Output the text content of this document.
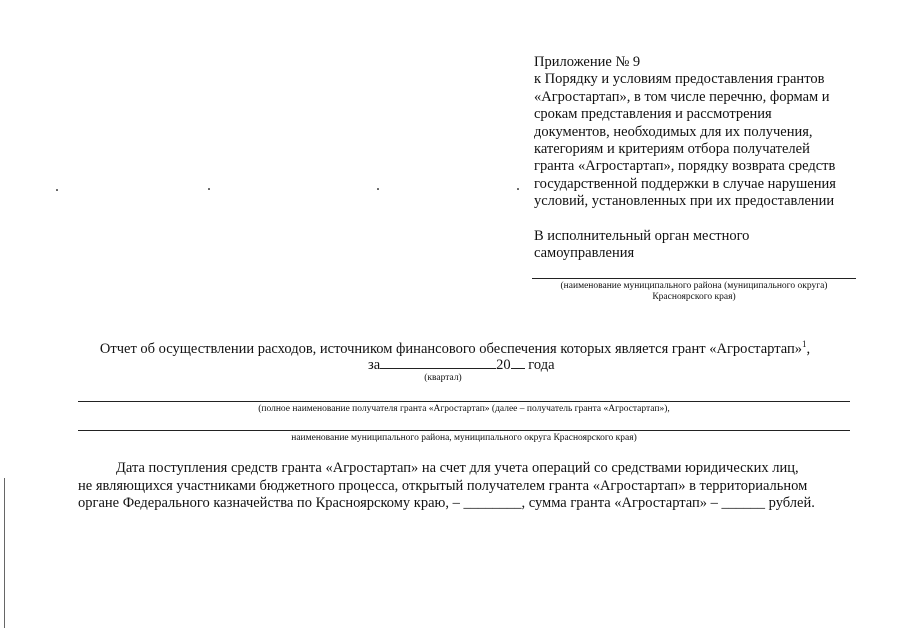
Приложение № 9
к Порядку и условиям предоставления грантов
«Агростартап», в том числе перечню, формам и
срокам представления и рассмотрения
документов, необходимых для их получения,
категориям и критериям отбора получателей
гранта «Агростартап», порядку возврата средств
государственной поддержки в случае нарушения
условий, установленных при их предоставлении
В исполнительный орган местного
самоуправления
(наименование муниципального района (муниципального округа)
Красноярского края)
Отчет об осуществлении расходов, источником финансового обеспечения которых является грант «Агростартап»$^1$,
за	20 года
(квартал)
(полное наименование получателя гранта «Агростартап» (далее – получатель гранта «Агростартап»),
наименование муниципального района, муниципального округа Красноярского края)
Дата поступления средств гранта «Агростартап» на счет для учета операций со средствами юридических лиц,
не являющихся участниками бюджетного процесса, открытый получателем гранта «Агростартап» в территориальном
органе Федерального казначейства по Красноярскому краю, – ________, сумма гранта «Агростартап» – ______ рублей.
